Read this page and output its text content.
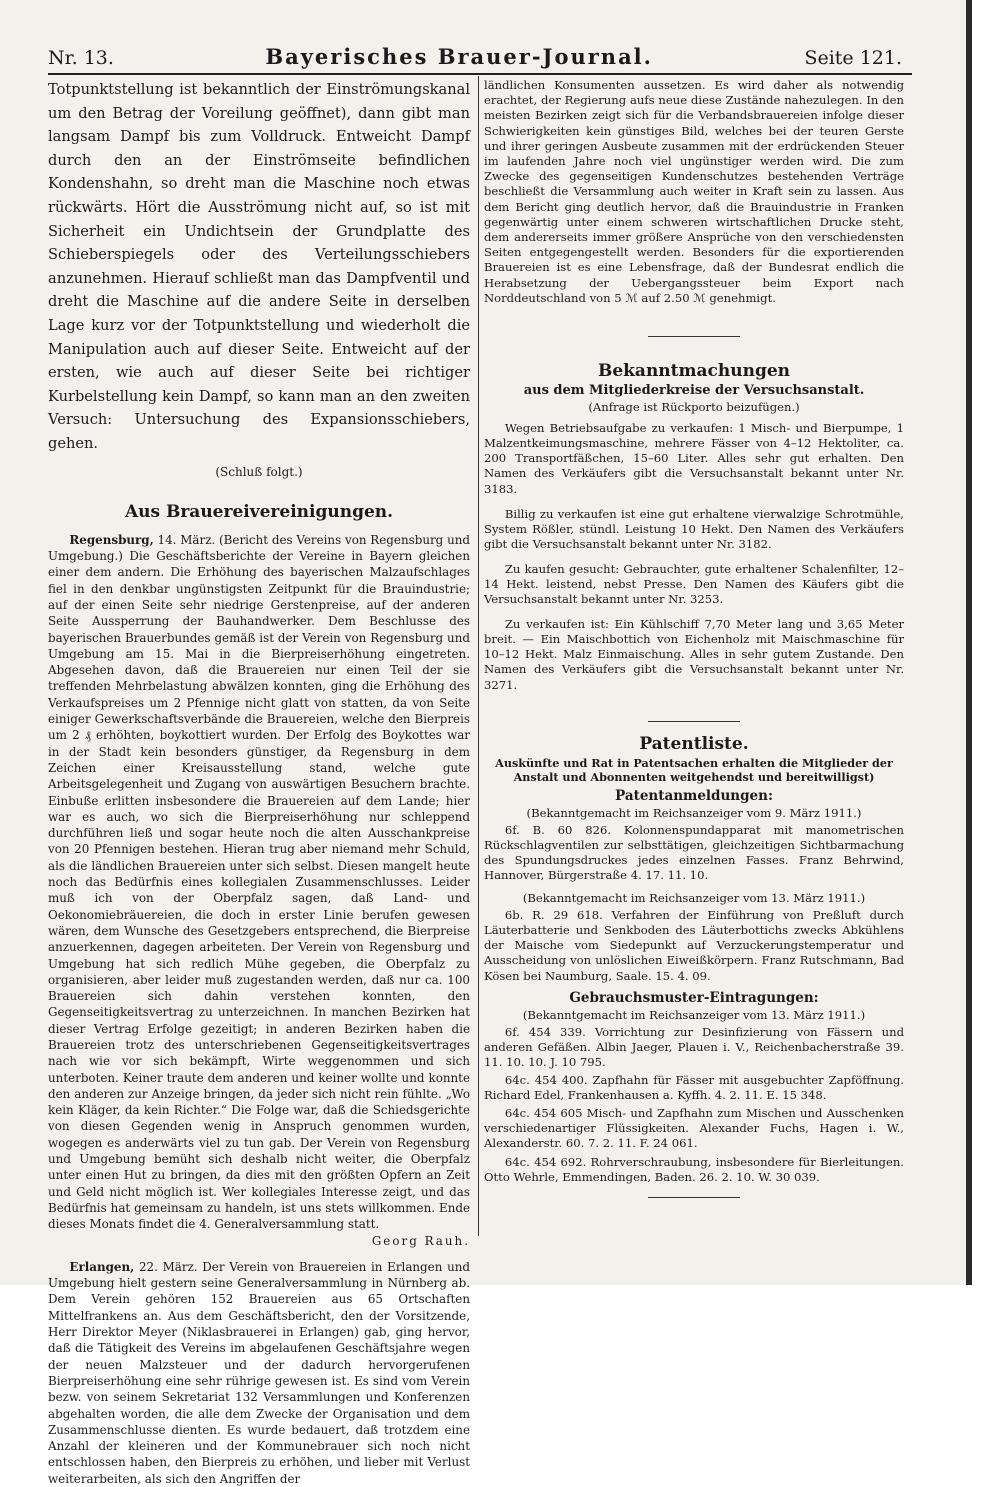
Nr. 13.	Bayerisches Brauer-Journal.	Seite 121.

Totpunktstellung ist bekanntlich der Einströmungskanal um den Betrag der Voreilung geöffnet), dann gibt man langsam Dampf bis zum Volldruck. Entweicht Dampf durch den an der Einströmseite befindlichen Kondenshahn, so dreht man die Maschine noch etwas rückwärts. Hört die Ausströmung nicht auf, so ist mit Sicherheit ein Undichtsein der Grundplatte des Schieberspiegels oder des Verteilungsschiebers anzunehmen. Hierauf schließt man das Dampfventil und dreht die Maschine auf die andere Seite in derselben Lage kurz vor der Totpunktstellung und wiederholt die Manipulation auch auf dieser Seite. Entweicht auf der ersten, wie auch auf dieser Seite bei richtiger Kurbelstellung kein Dampf, so kann man an den zweiten Versuch: Untersuchung des Expansionsschiebers, gehen.

(Schluß folgt.)

Aus Brauereivereinigungen.

Regensburg, 14. März. (Bericht des Vereins von Regensburg und Umgebung.) Die Geschäftsberichte der Vereine in Bayern gleichen einer dem andern. Die Erhöhung des bayerischen Malzaufschlages fiel in den denkbar ungünstigsten Zeitpunkt für die Brauindustrie; auf der einen Seite sehr niedrige Gerstenpreise, auf der anderen Seite Aussperrung der Bauhandwerker. Dem Beschlusse des bayerischen Brauerbundes gemäß ist der Verein von Regensburg und Umgebung am 15. Mai in die Bierpreiserhöhung eingetreten. Abgesehen davon, daß die Brauereien nur einen Teil der sie treffenden Mehrbelastung abwälzen konnten, ging die Erhöhung des Verkaufspreises um 2 Pfennige nicht glatt von statten, da von Seite einiger Gewerkschaftsverbände die Brauereien, welche den Bierpreis um 2 ₰ erhöhten, boykottiert wurden. Der Erfolg des Boykottes war in der Stadt kein besonders günstiger, da Regensburg in dem Zeichen einer Kreisausstellung stand, welche gute Arbeitsgelegenheit und Zugang von auswärtigen Besuchern brachte. Einbuße erlitten insbesondere die Brauereien auf dem Lande; hier war es auch, wo sich die Bierpreiserhöhung nur schleppend durchführen ließ und sogar heute noch die alten Ausschankpreise von 20 Pfennigen bestehen. Hieran trug aber niemand mehr Schuld, als die ländlichen Brauereien unter sich selbst. Diesen mangelt heute noch das Bedürfnis eines kollegialen Zusammenschlusses. Leider muß ich von der Oberpfalz sagen, daß Land- und Oekonomiebräuereien, die doch in erster Linie berufen gewesen wären, dem Wunsche des Gesetzgebers entsprechend, die Bierpreise anzuerkennen, dagegen arbeiteten. Der Verein von Regensburg und Umgebung hat sich redlich Mühe gegeben, die Oberpfalz zu organisieren, aber leider muß zugestanden werden, daß nur ca. 100 Brauereien sich dahin verstehen konnten, den Gegenseitigkeitsvertrag zu unterzeichnen. In manchen Bezirken hat dieser Vertrag Erfolge gezeitigt; in anderen Bezirken haben die Brauereien trotz des unterschriebenen Gegenseitigkeitsvertrages nach wie vor sich bekämpft, Wirte weggenommen und sich unterboten. Keiner traute dem anderen und keiner wollte und konnte den anderen zur Anzeige bringen, da jeder sich nicht rein fühlte. „Wo kein Kläger, da kein Richter.“ Die Folge war, daß die Schiedsgerichte von diesen Gegenden wenig in Anspruch genommen wurden, wogegen es anderwärts viel zu tun gab. Der Verein von Regensburg und Umgebung bemüht sich deshalb nicht weiter, die Oberpfalz unter einen Hut zu bringen, da dies mit den größten Opfern an Zeit und Geld nicht möglich ist. Wer kollegiales Interesse zeigt, und das Bedürfnis hat gemeinsam zu handeln, ist uns stets willkommen. Ende dieses Monats findet die 4. Generalversammlung statt.

Georg Rauh.

Erlangen, 22. März. Der Verein von Brauereien in Erlangen und Umgebung hielt gestern seine Generalversammlung in Nürnberg ab. Dem Verein gehören 152 Brauereien aus 65 Ortschaften Mittelfrankens an. Aus dem Geschäftsbericht, den der Vorsitzende, Herr Direktor Meyer (Niklasbrauerei in Erlangen) gab, ging hervor, daß die Tätigkeit des Vereins im abgelaufenen Geschäftsjahre wegen der neuen Malzsteuer und der dadurch hervorgerufenen Bierpreiserhöhung eine sehr rührige gewesen ist. Es sind vom Verein bezw. von seinem Sekretariat 132 Versammlungen und Konferenzen abgehalten worden, die alle dem Zwecke der Organisation und dem Zusammenschlusse dienten. Es wurde bedauert, daß trotzdem eine Anzahl der kleineren und der Kommunebrauer sich noch nicht entschlossen haben, den Bierpreis zu erhöhen, und lieber mit Verlust weiterarbeiten, als sich den Angriffen der

ländlichen Konsumenten aussetzen. Es wird daher als notwendig erachtet, der Regierung aufs neue diese Zustände nahezulegen. In den meisten Bezirken zeigt sich für die Verbandsbrauereien infolge dieser Schwierigkeiten kein günstiges Bild, welches bei der teuren Gerste und ihrer geringen Ausbeute zusammen mit der erdrückenden Steuer im laufenden Jahre noch viel ungünstiger werden wird. Die zum Zwecke des gegenseitigen Kundenschutzes bestehenden Verträge beschließt die Versammlung auch weiter in Kraft sein zu lassen. Aus dem Bericht ging deutlich hervor, daß die Brauindustrie in Franken gegenwärtig unter einem schweren wirtschaftlichen Drucke steht, dem andererseits immer größere Ansprüche von den verschiedensten Seiten entgegengestellt werden. Besonders für die exportierenden Brauereien ist es eine Lebensfrage, daß der Bundesrat endlich die Herabsetzung der Uebergangssteuer beim Export nach Norddeutschland von 5 ℳ auf 2.50 ℳ genehmigt.

Bekanntmachungen
aus dem Mitgliederkreise der Versuchsanstalt.
(Anfrage ist Rückporto beizufügen.)

Wegen Betriebsaufgabe zu verkaufen: 1 Misch- und Bierpumpe, 1 Malzentkeimungsmaschine, mehrere Fässer von 4–12 Hektoliter, ca. 200 Transportfäßchen, 15–60 Liter. Alles sehr gut erhalten. Den Namen des Verkäufers gibt die Versuchsanstalt bekannt unter Nr. 3183.

Billig zu verkaufen ist eine gut erhaltene vierwalzige Schrotmühle, System Rößler, stündl. Leistung 10 Hekt. Den Namen des Verkäufers gibt die Versuchsanstalt bekannt unter Nr. 3182.

Zu kaufen gesucht: Gebrauchter, gute erhaltener Schalenfilter, 12–14 Hekt. leistend, nebst Presse. Den Namen des Käufers gibt die Versuchsanstalt bekannt unter Nr. 3253.

Zu verkaufen ist: Ein Kühlschiff 7,70 Meter lang und 3,65 Meter breit. — Ein Maischbottich von Eichenholz mit Maischmaschine für 10–12 Hekt. Malz Einmaischung. Alles in sehr gutem Zustande. Den Namen des Verkäufers gibt die Versuchsanstalt bekannt unter Nr. 3271.

Patentliste.
Auskünfte und Rat in Patentsachen erhalten die Mitglieder der Anstalt und Abonnenten weitgehendst und bereitwilligst)
Patentanmeldungen:
(Bekanntgemacht im Reichsanzeiger vom 9. März 1911.)

6f. B. 60 826. Kolonnenspundapparat mit manometrischen Rückschlagventilen zur selbsttätigen, gleichzeitigen Sichtbarmachung des Spundungsdruckes jedes einzelnen Fasses. Franz Behrwind, Hannover, Bürgerstraße 4. 17. 11. 10.

(Bekanntgemacht im Reichsanzeiger vom 13. März 1911.)

6b. R. 29 618. Verfahren der Einführung von Preßluft durch Läuterbatterie und Senkboden des Läuterbottichs zwecks Abkühlens der Maische vom Siedepunkt auf Verzuckerungstemperatur und Ausscheidung von unlöslichen Eiweißkörpern. Franz Rutschmann, Bad Kösen bei Naumburg, Saale. 15. 4. 09.

Gebrauchsmuster-Eintragungen:
(Bekanntgemacht im Reichsanzeiger vom 13. März 1911.)

6f. 454 339. Vorrichtung zur Desinfizierung von Fässern und anderen Gefäßen. Albin Jaeger, Plauen i. V., Reichenbacherstraße 39. 11. 10. 10. J. 10 795.

64c. 454 400. Zapfhahn für Fässer mit ausgebuchter Zapföffnung. Richard Edel, Frankenhausen a. Kyffh. 4. 2. 11. E. 15 348.

64c. 454 605 Misch- und Zapfhahn zum Mischen und Ausschenken verschiedenartiger Flüssigkeiten. Alexander Fuchs, Hagen i. W., Alexanderstr. 60. 7. 2. 11. F. 24 061.

64c. 454 692. Rohrverschraubung, insbesondere für Bierleitungen. Otto Wehrle, Emmendingen, Baden. 26. 2. 10. W. 30 039.
